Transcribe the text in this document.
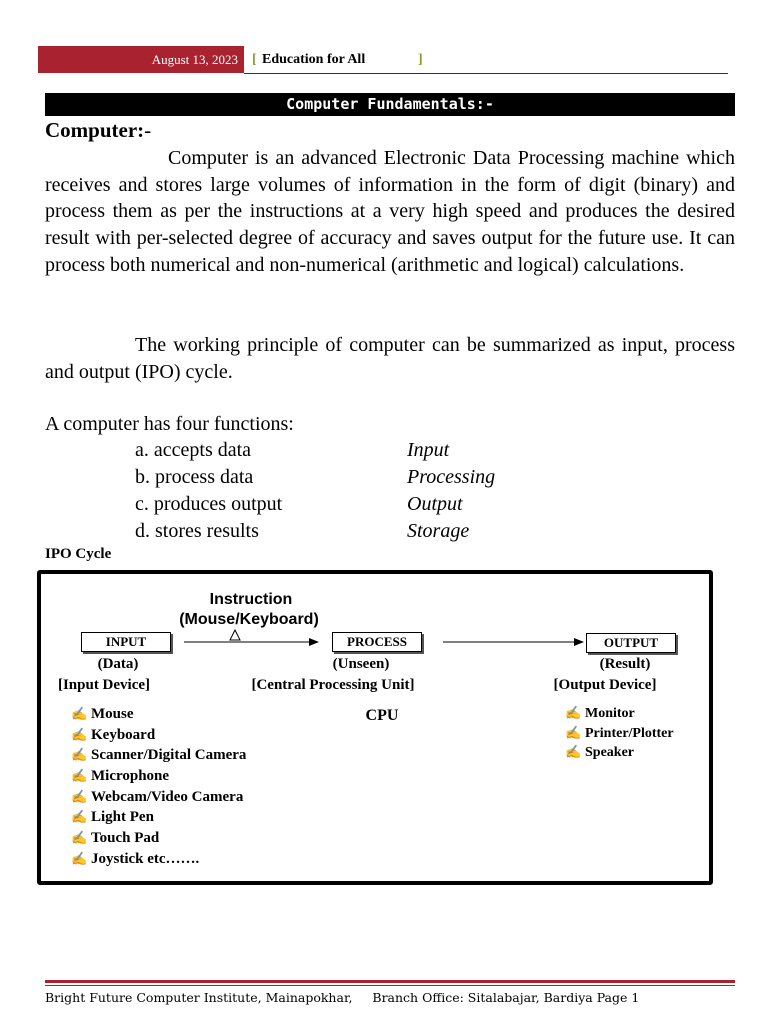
August 13, 2023	[ Education for All	]
Computer Fundamentals:-
Computer:-
Computer is an advanced Electronic Data Processing machine which receives and stores large volumes of information in the form of digit (binary) and process them as per the instructions at a very high speed and produces the desired result with per-selected degree of accuracy and saves output for the future use. It can process both numerical and non-numerical (arithmetic and logical) calculations.
The working principle of computer can be summarized as input, process and output (IPO) cycle.
A computer has four functions:
a. accepts data	Input
b. process data	Processing
c. produces output	Output
d. stores results	Storage
IPO Cycle
Instruction
(Mouse/Keyboard)
INPUT	PROCESS	OUTPUT
(Data)
[Input Device]
(Unseen)
[Central Processing Unit]
CPU
(Result)
[Output Device]
✍ Mouse
✍ Keyboard
✍ Scanner/Digital Camera
✍ Microphone
✍ Webcam/Video Camera
✍ Light Pen
✍ Touch Pad
✍ Joystick etc…….
✍ Monitor
✍ Printer/Plotter
✍ Speaker
Bright Future Computer Institute, Mainapokhar,     Branch Office: Sitalabajar, Bardiya Page 1
